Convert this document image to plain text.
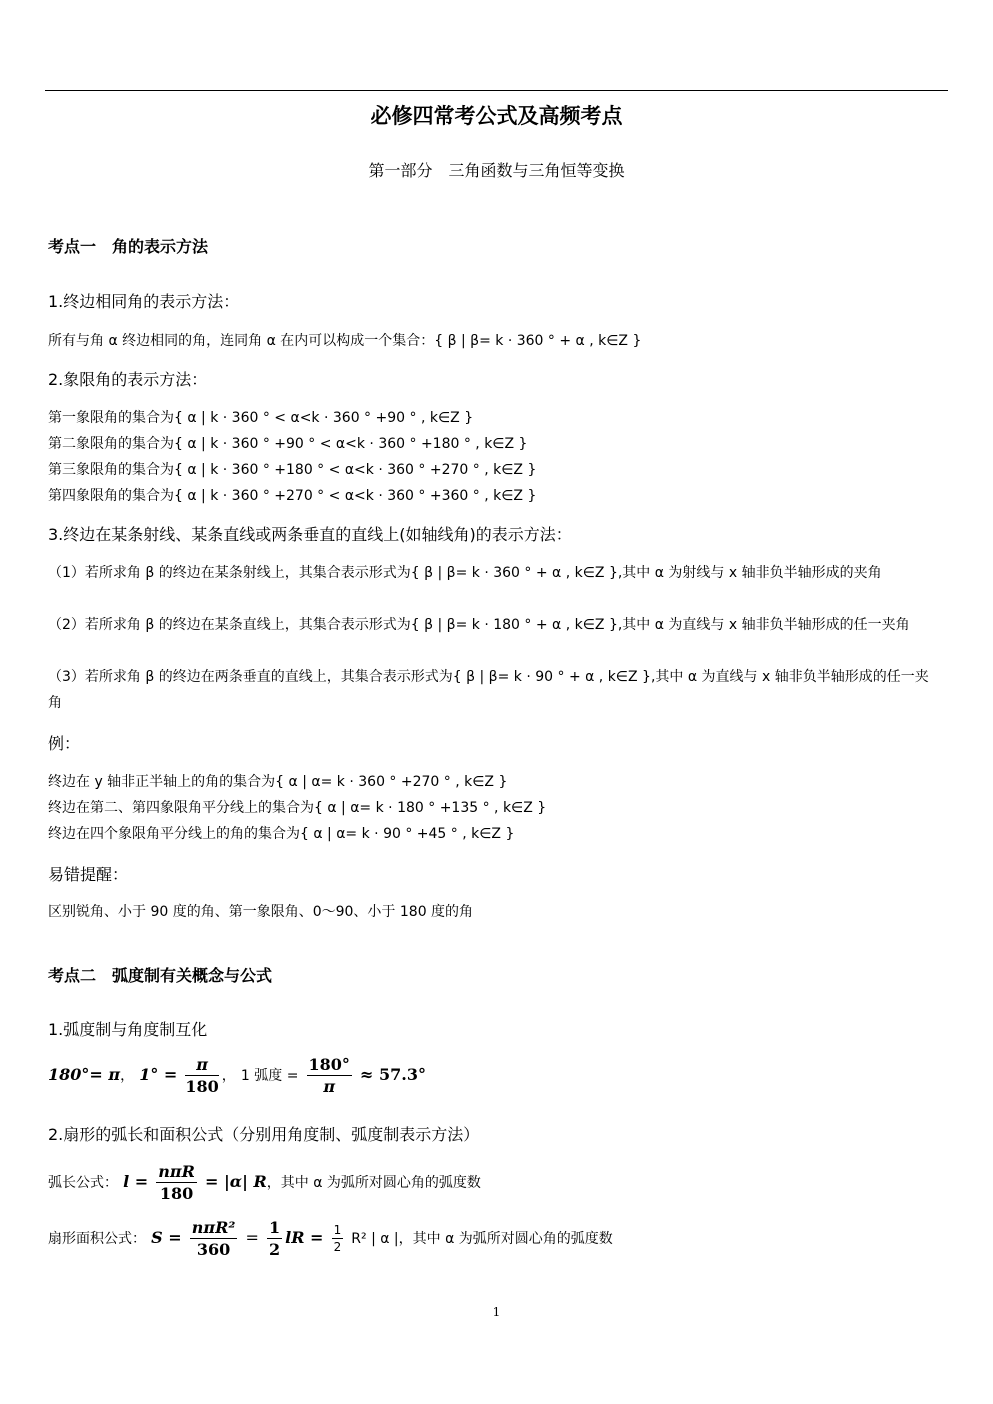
必修四常考公式及高频考点
第一部分　三角函数与三角恒等变换
考点一　角的表示方法
1.终边相同角的表示方法：
所有与角 α 终边相同的角，连同角 α 在内可以构成一个集合：{ β | β= k · 360 ° + α , k∈Z }
2.象限角的表示方法：
第一象限角的集合为{ α | k · 360 ° < α<k · 360 ° +90 ° , k∈Z }
第二象限角的集合为{ α | k · 360 ° +90 ° < α<k · 360 ° +180 ° , k∈Z }
第三象限角的集合为{ α | k · 360 ° +180 ° < α<k · 360 ° +270 ° , k∈Z }
第四象限角的集合为{ α | k · 360 ° +270 ° < α<k · 360 ° +360 ° , k∈Z }
3.终边在某条射线、某条直线或两条垂直的直线上(如轴线角)的表示方法：
（1）若所求角 β 的终边在某条射线上，其集合表示形式为{ β | β= k · 360 ° + α , k∈Z },其中 α 为射线与 x 轴非负半轴形成的夹角
（2）若所求角 β 的终边在某条直线上，其集合表示形式为{ β | β= k · 180 ° + α , k∈Z },其中 α 为直线与 x 轴非负半轴形成的任一夹角
（3）若所求角 β 的终边在两条垂直的直线上，其集合表示形式为{ β | β= k · 90 ° + α , k∈Z },其中 α 为直线与 x 轴非负半轴形成的任一夹角
例：
终边在 y 轴非正半轴上的角的集合为{ α | α= k · 360 ° +270 ° , k∈Z }
终边在第二、第四象限角平分线上的集合为{ α | α= k · 180 ° +135 ° , k∈Z }
终边在四个象限角平分线上的角的集合为{ α | α= k · 90 ° +45 ° , k∈Z }
易错提醒：
区别锐角、小于 90 度的角、第一象限角、0～90、小于 180 度的角
考点二　弧度制有关概念与公式
1.弧度制与角度制互化
180°= π， $1^\circ = \frac{\pi}{180}$ ， 1 弧度 = $\frac{180^\circ}{\pi} \approx 57.3^\circ$
2.扇形的弧长和面积公式（分别用角度制、弧度制表示方法）
弧长公式： $l = \frac{\text{nπR}}{180} = |\alpha|$ R，其中 α 为弧所对圆心角的弧度数
扇形面积公式： $S = \frac{\text{nπR²}}{360} = \frac{1}{2}$ lR = $\frac{1}{2} R^2$ | α |，其中 α 为弧所对圆心角的弧度数
1
